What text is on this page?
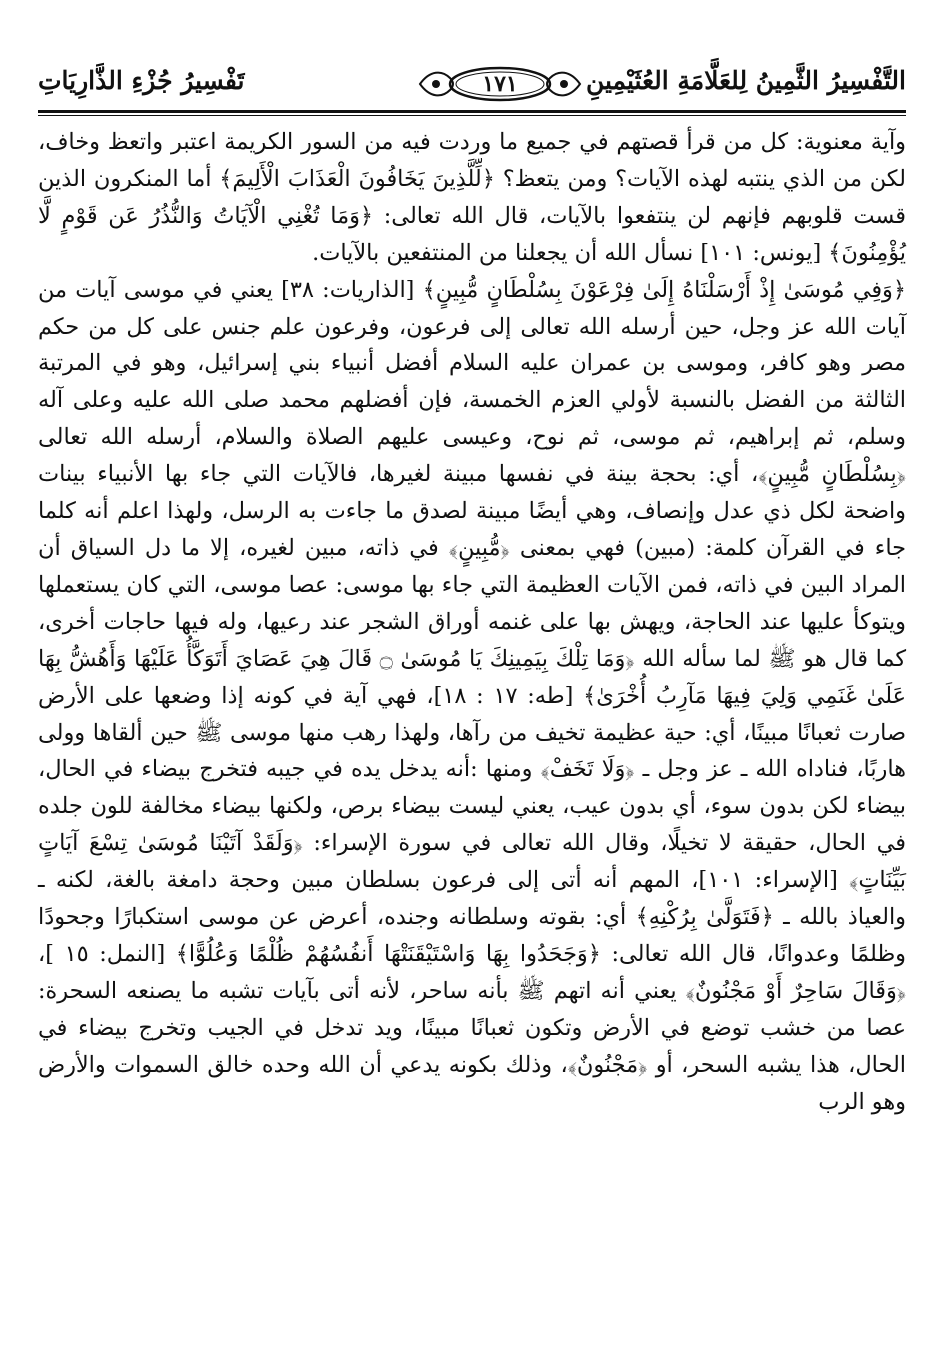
التَّفْسِيرُ الثَّمِينُ لِلعَلَّامَةِ العُثَيْمِينِ
١٧١
تَفْسِيرُ جُزْءِ الذَّارِيَاتِ

وآية معنوية: كل من قرأ قصتهم في جميع ما وردت فيه من السور الكريمة اعتبر واتعظ وخاف، لكن من الذي ينتبه لهذه الآيات؟ ومن يتعظ؟ ﴿لِّلَّذِينَ يَخَافُونَ الْعَذَابَ الْأَلِيمَ﴾ أما المنكرون الذين قست قلوبهم فإنهم لن ينتفعوا بالآيات، قال الله تعالى: ﴿وَمَا تُغْنِي الْآيَاتُ وَالنُّذُرُ عَن قَوْمٍ لَّا يُؤْمِنُونَ﴾ [يونس: ١٠١] نسأل الله أن يجعلنا من المنتفعين بالآيات.

﴿وَفِي مُوسَىٰ إِذْ أَرْسَلْنَاهُ إِلَىٰ فِرْعَوْنَ بِسُلْطَانٍ مُّبِينٍ﴾ [الذاريات: ٣٨] يعني في موسى آيات من آيات الله عز وجل، حين أرسله الله تعالى إلى فرعون، وفرعون علم جنس على كل من حكم مصر وهو كافر، وموسى بن عمران عليه السلام أفضل أنبياء بني إسرائيل، وهو في المرتبة الثالثة من الفضل بالنسبة لأولي العزم الخمسة، فإن أفضلهم محمد صلى الله عليه وعلى آله وسلم، ثم إبراهيم، ثم موسى، ثم نوح، وعيسى عليهم الصلاة والسلام، أرسله الله تعالى ﴿بِسُلْطَانٍ مُّبِينٍ﴾، أي: بحجة بينة في نفسها مبينة لغيرها، فالآيات التي جاء بها الأنبياء بينات واضحة لكل ذي عدل وإنصاف، وهي أيضًا مبينة لصدق ما جاءت به الرسل، ولهذا اعلم أنه كلما جاء في القرآن كلمة: (مبين) فهي بمعنى ﴿مُّبِينٍ﴾ في ذاته، مبين لغيره، إلا ما دل السياق أن المراد البين في ذاته، فمن الآيات العظيمة التي جاء بها موسى: عصا موسى، التي كان يستعملها ويتوكأ عليها عند الحاجة، ويهش بها على غنمه أوراق الشجر عند رعيها، وله فيها حاجات أخرى، كما قال هو ﷺ لما سأله الله ﴿وَمَا تِلْكَ بِيَمِينِكَ يَا مُوسَىٰ ۝ قَالَ هِيَ عَصَايَ أَتَوَكَّأُ عَلَيْهَا وَأَهُشُّ بِهَا عَلَىٰ غَنَمِي وَلِيَ فِيهَا مَآرِبُ أُخْرَىٰ﴾ [طه: ١٧ : ١٨]، فهي آية في كونه إذا وضعها على الأرض صارت ثعبانًا مبينًا، أي: حية عظيمة تخيف من رآها، ولهذا رهب منها موسى ﷺ حين ألقاها وولى هاربًا، فناداه الله ـ عز وجل ـ ﴿وَلَا تَخَفْ﴾ ومنها :أنه يدخل يده في جيبه فتخرج بيضاء في الحال، بيضاء لكن بدون سوء، أي بدون عيب، يعني ليست بيضاء برص، ولكنها بيضاء مخالفة للون جلده في الحال، حقيقة لا تخيلًا، وقال الله تعالى في سورة الإسراء: ﴿وَلَقَدْ آتَيْنَا مُوسَىٰ تِسْعَ آيَاتٍ بَيِّنَاتٍ﴾ [الإسراء: ١٠١]، المهم أنه أتى إلى فرعون بسلطان مبين وحجة دامغة بالغة، لكنه ـ والعياذ بالله ـ ﴿فَتَوَلَّىٰ بِرُكْنِهِ﴾ أي: بقوته وسلطانه وجنده، أعرض عن موسى استكبارًا وجحودًا وظلمًا وعدوانًا، قال الله تعالى: ﴿وَجَحَدُوا بِهَا وَاسْتَيْقَنَتْهَا أَنفُسُهُمْ ظُلْمًا وَعُلُوًّا﴾ [النمل: ١٥ ]، ﴿وَقَالَ سَاحِرٌ أَوْ مَجْنُونٌ﴾ يعني أنه اتهم ﷺ بأنه ساحر، لأنه أتى بآيات تشبه ما يصنعه السحرة: عصا من خشب توضع في الأرض وتكون ثعبانًا مبينًا، ويد تدخل في الجيب وتخرج بيضاء في الحال، هذا يشبه السحر، أو ﴿مَجْنُونٌ﴾، وذلك بكونه يدعي أن الله وحده خالق السموات والأرض وهو الرب
